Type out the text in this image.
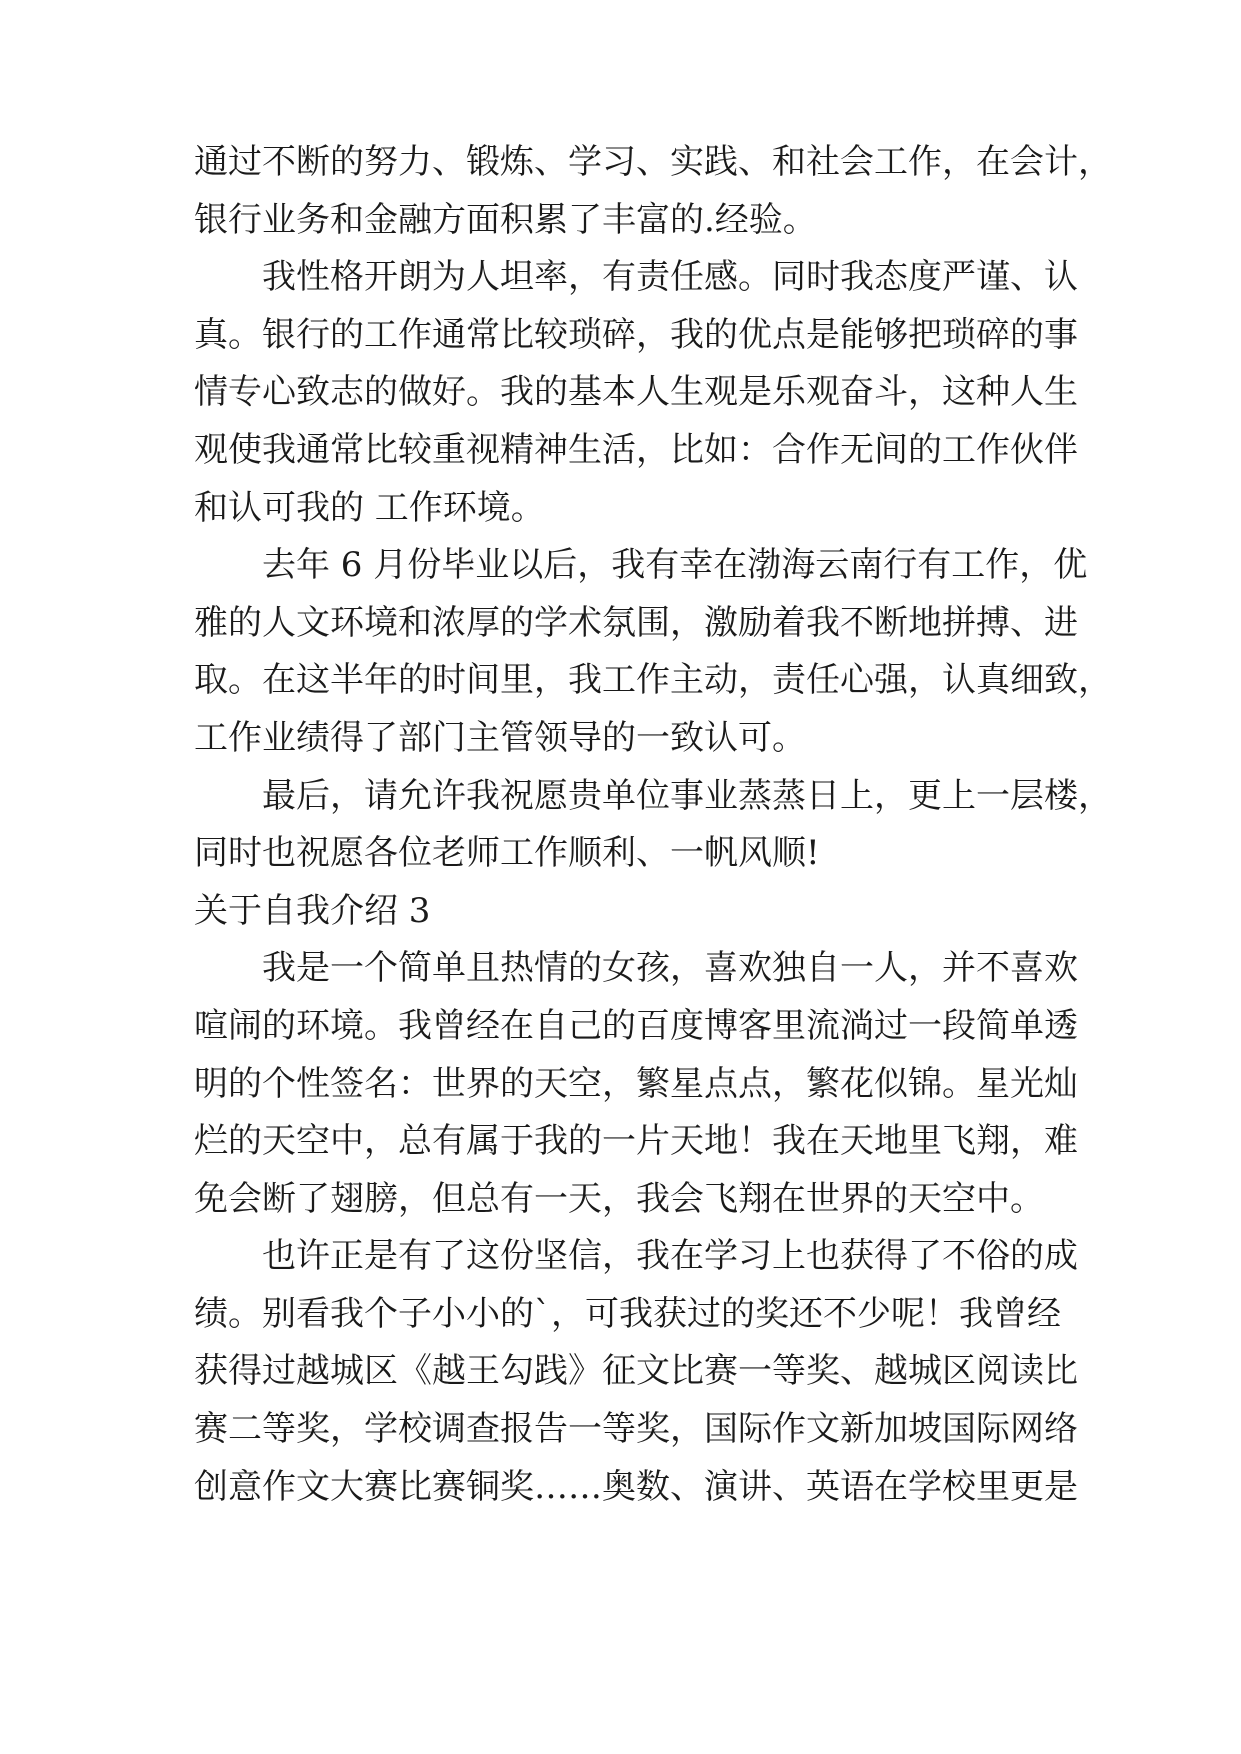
通过不断的努力、锻炼、学习、实践、和社会工作，在会计，
银行业务和金融方面积累了丰富的.经验。
我性格开朗为人坦率，有责任感。同时我态度严谨、认
真。银行的工作通常比较琐碎，我的优点是能够把琐碎的事
情专心致志的做好。我的基本人生观是乐观奋斗，这种人生
观使我通常比较重视精神生活，比如：合作无间的工作伙伴
和认可我的 工作环境。
去年 6 月份毕业以后，我有幸在渤海云南行有工作，优
雅的人文环境和浓厚的学术氛围，激励着我不断地拼搏、进
取。在这半年的时间里，我工作主动，责任心强，认真细致，
工作业绩得了部门主管领导的一致认可。
最后，请允许我祝愿贵单位事业蒸蒸日上，更上一层楼，
同时也祝愿各位老师工作顺利、一帆风顺!
关于自我介绍 3
我是一个简单且热情的女孩，喜欢独自一人，并不喜欢
喧闹的环境。我曾经在自己的百度博客里流淌过一段简单透
明的个性签名：世界的天空，繁星点点，繁花似锦。星光灿
烂的天空中，总有属于我的一片天地！我在天地里飞翔，难
免会断了翅膀，但总有一天，我会飞翔在世界的天空中。
也许正是有了这份坚信，我在学习上也获得了不俗的成
绩。别看我个子小小的`，可我获过的奖还不少呢！我曾经
获得过越城区《越王勾践》征文比赛一等奖、越城区阅读比
赛二等奖，学校调查报告一等奖，国际作文新加坡国际网络
创意作文大赛比赛铜奖……奥数、演讲、英语在学校里更是
